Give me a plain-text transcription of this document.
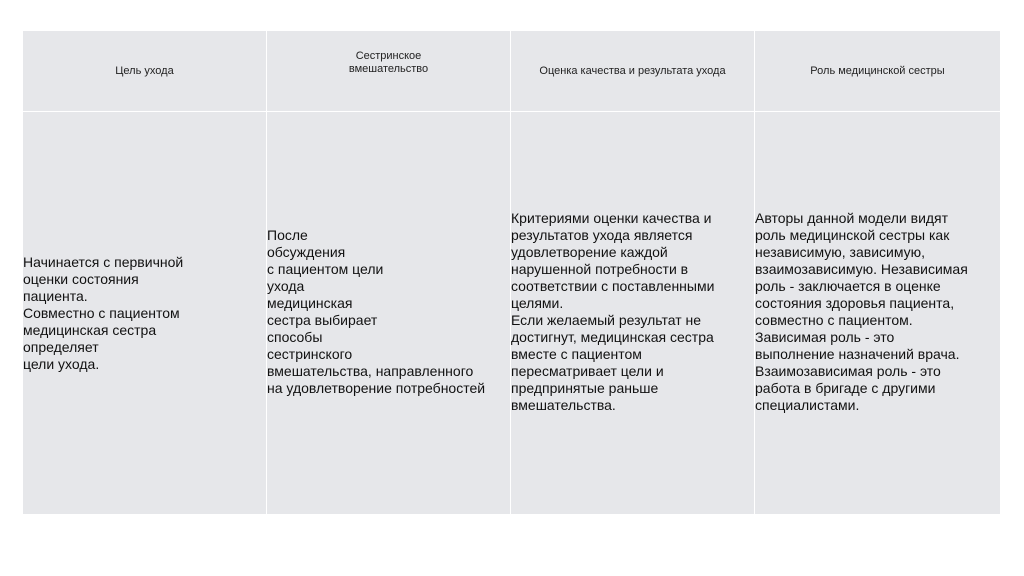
Цель ухода
Сестринское
вмешательство	Оценка качества и результата ухода	Роль медицинской сестры

Начинается с первичной
оценки состояния
пациента.
Совместно с пациентом
медицинская сестра
определяет
цели ухода.

После
обсуждения
с пациентом цели
ухода
медицинская
сестра выбирает
способы
сестринского
вмешательства, направленного
на удовлетворение потребностей

Критериями оценки качества и
результатов ухода является
удовлетворение каждой
нарушенной потребности в
соответствии с поставленными
целями.
Если желаемый результат не
достигнут, медицинская сестра
вместе с пациентом
пересматривает цели и
предпринятые раньше
вмешательства.

Авторы данной модели видят
роль медицинской сестры как
независимую, зависимую,
взаимозависимую. Независимая
роль - заключается в оценке
состояния здоровья пациента,
совместно с пациентом.
Зависимая роль - это
выполнение назначений врача.
Взаимозависимая роль - это
работа в бригаде с другими
специалистами.
